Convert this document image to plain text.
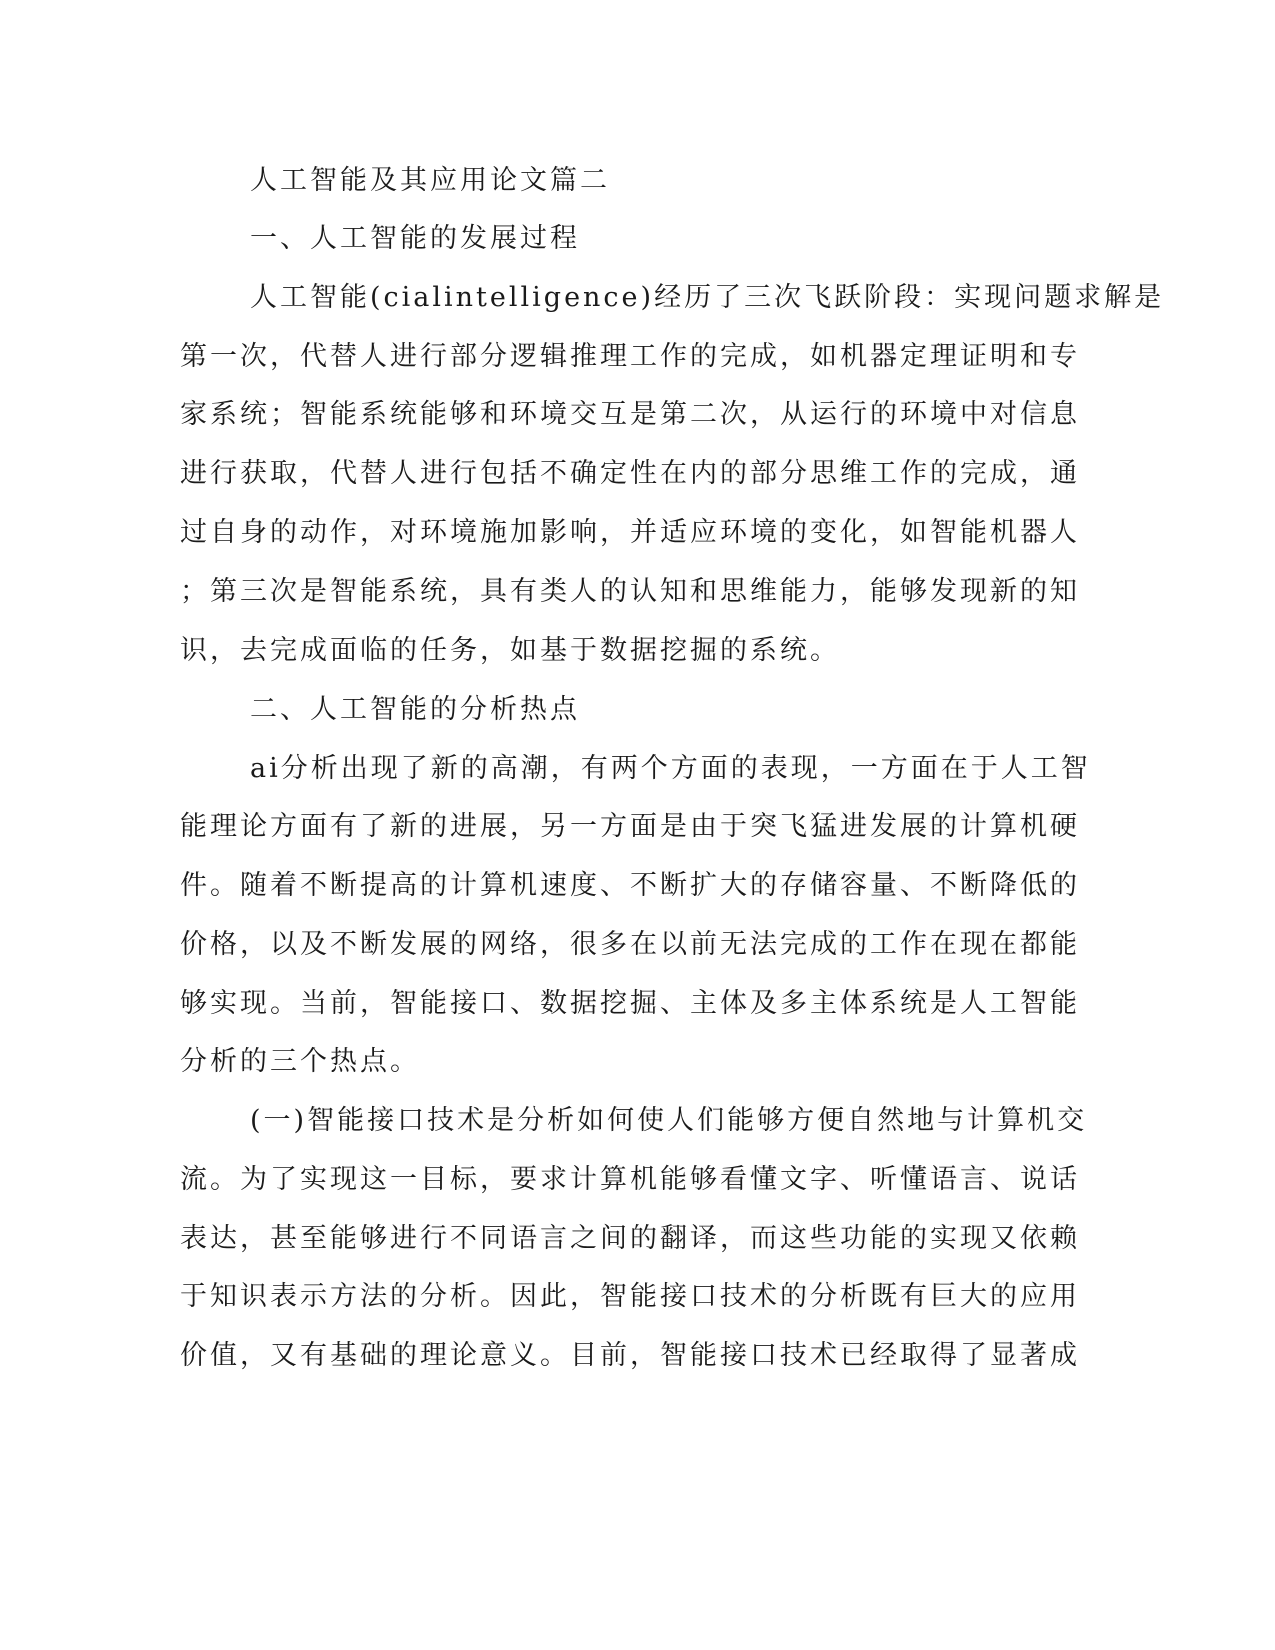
人工智能及其应用论文篇二
一、人工智能的发展过程
人工智能(cialintelligence)经历了三次飞跃阶段：实现问题求解是
第一次，代替人进行部分逻辑推理工作的完成，如机器定理证明和专
家系统；智能系统能够和环境交互是第二次，从运行的环境中对信息
进行获取，代替人进行包括不确定性在内的部分思维工作的完成，通
过自身的动作，对环境施加影响，并适应环境的变化，如智能机器人
；第三次是智能系统，具有类人的认知和思维能力，能够发现新的知
识，去完成面临的任务，如基于数据挖掘的系统。
二、人工智能的分析热点
ai分析出现了新的高潮，有两个方面的表现，一方面在于人工智
能理论方面有了新的进展，另一方面是由于突飞猛进发展的计算机硬
件。随着不断提高的计算机速度、不断扩大的存储容量、不断降低的
价格，以及不断发展的网络，很多在以前无法完成的工作在现在都能
够实现。当前，智能接口、数据挖掘、主体及多主体系统是人工智能
分析的三个热点。
(一)智能接口技术是分析如何使人们能够方便自然地与计算机交
流。为了实现这一目标，要求计算机能够看懂文字、听懂语言、说话
表达，甚至能够进行不同语言之间的翻译，而这些功能的实现又依赖
于知识表示方法的分析。因此，智能接口技术的分析既有巨大的应用
价值，又有基础的理论意义。目前，智能接口技术已经取得了显著成
